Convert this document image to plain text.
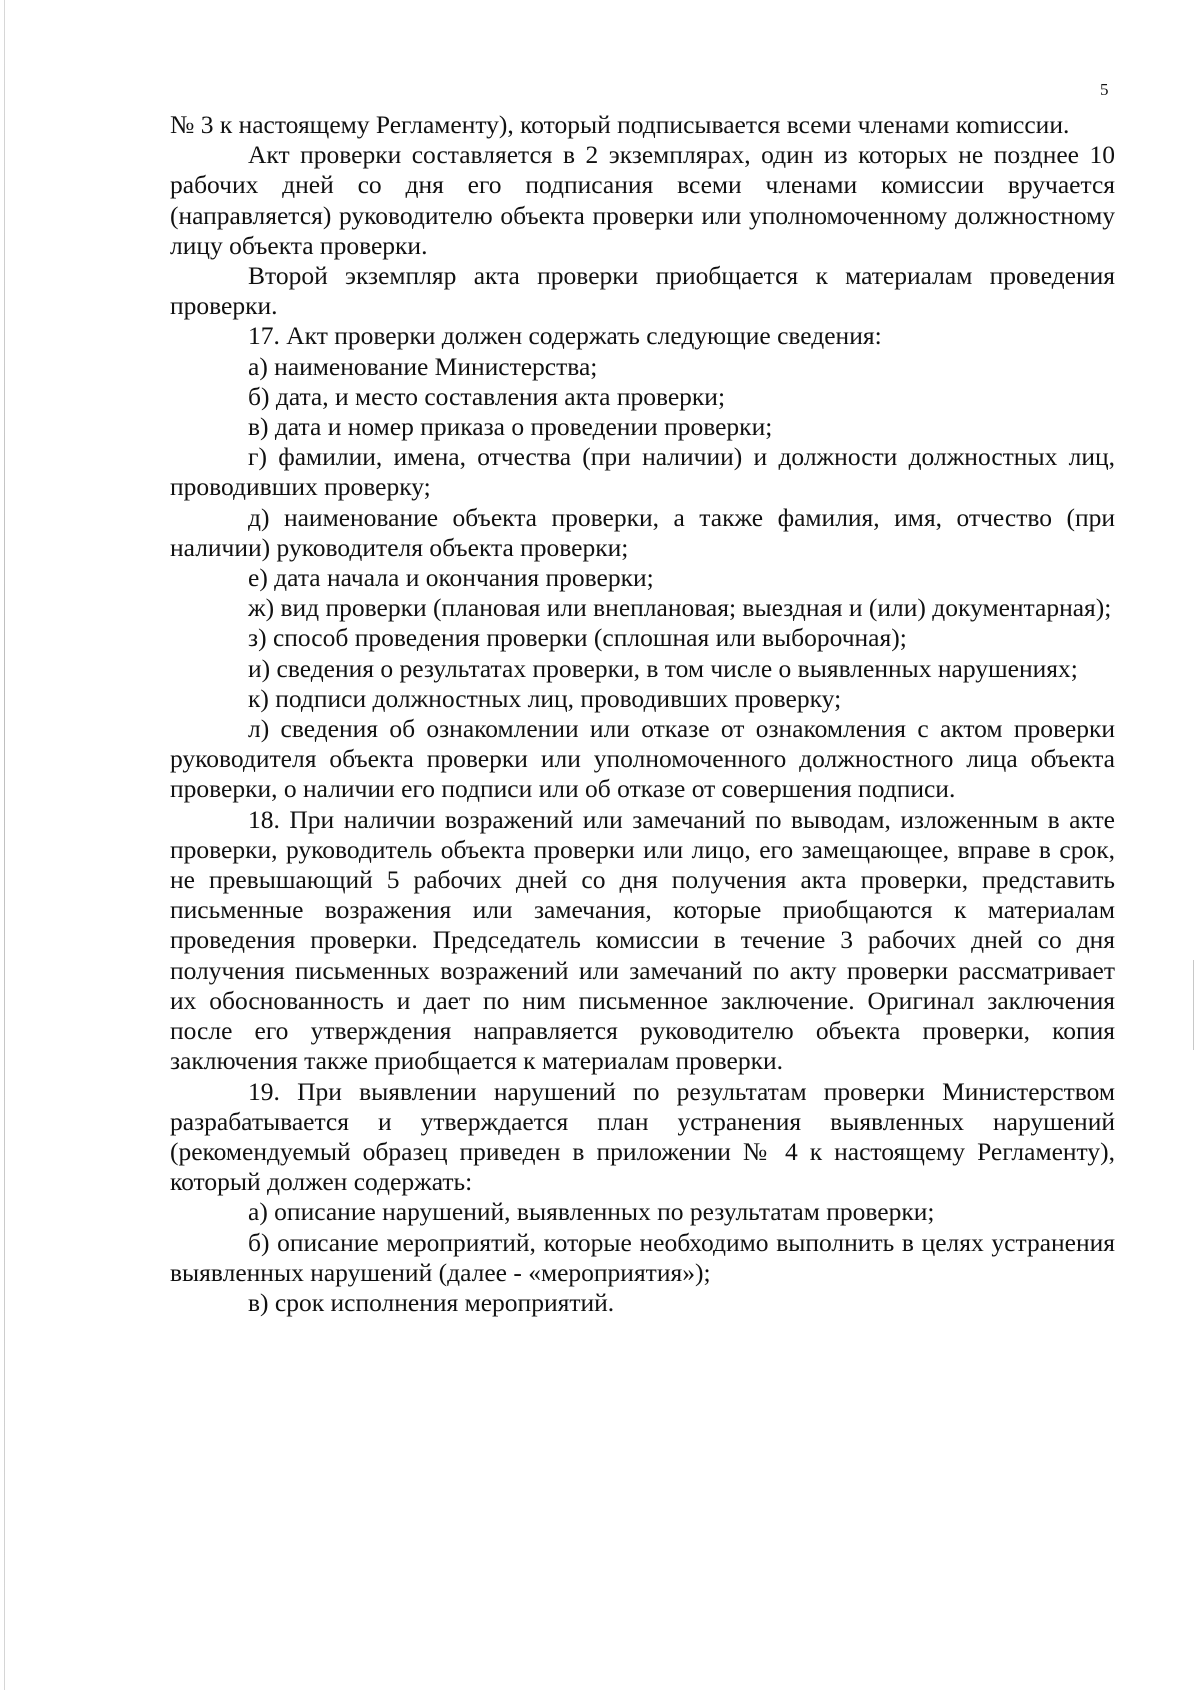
5

№ 3 к настоящему Регламенту), который подписывается всеми членами коmиссии.

Акт проверки составляется в 2 экземплярах, один из которых не позднее 10 рабочих дней со дня его подписания всеми членами комиссии вручается (направляется) руководителю объекта проверки или уполномоченному должностному лицу объекта проверки.

Второй экземпляр акта проверки приобщается к материалам проведения проверки.

17. Акт проверки должен содержать следующие сведения:

а) наименование Министерства;

б) дата, и место составления акта проверки;

в) дата и номер приказа о проведении проверки;

г) фамилии, имена, отчества (при наличии) и должности должностных лиц, проводивших проверку;

д) наименование объекта проверки, а также фамилия, имя, отчество (при наличии) руководителя объекта проверки;

е) дата начала и окончания проверки;

ж) вид проверки (плановая или внеплановая; выездная и (или) документарная);

з) способ проведения проверки (сплошная или выборочная);

и) сведения о результатах проверки, в том числе о выявленных нарушениях;

к) подписи должностных лиц, проводивших проверку;

л) сведения об ознакомлении или отказе от ознакомления с актом проверки руководителя объекта проверки или уполномоченного должностного лица объекта проверки, о наличии его подписи или об отказе от совершения подписи.

18. При наличии возражений или замечаний по выводам, изложенным в акте проверки, руководитель объекта проверки или лицо, его замещающее, вправе в срок, не превышающий 5 рабочих дней со дня получения акта проверки, представить письменные возражения или замечания, которые приобщаются к материалам проведения проверки. Председатель комиссии в течение 3 рабочих дней со дня получения письменных возражений или замечаний по акту проверки рассматривает их обоснованность и дает по ним письменное заключение. Оригинал заключения после его утверждения направляется руководителю объекта проверки, копия заключения также приобщается к материалам проверки.

19. При выявлении нарушений по результатам проверки Министерством разрабатывается и утверждается план устранения выявленных нарушений (рекомендуемый образец приведен в приложении № 4 к настоящему Регламенту), который должен содержать:

а) описание нарушений, выявленных по результатам проверки;

б) описание мероприятий, которые необходимо выполнить в целях устранения выявленных нарушений (далее - «мероприятия»);

в) срок исполнения мероприятий.
